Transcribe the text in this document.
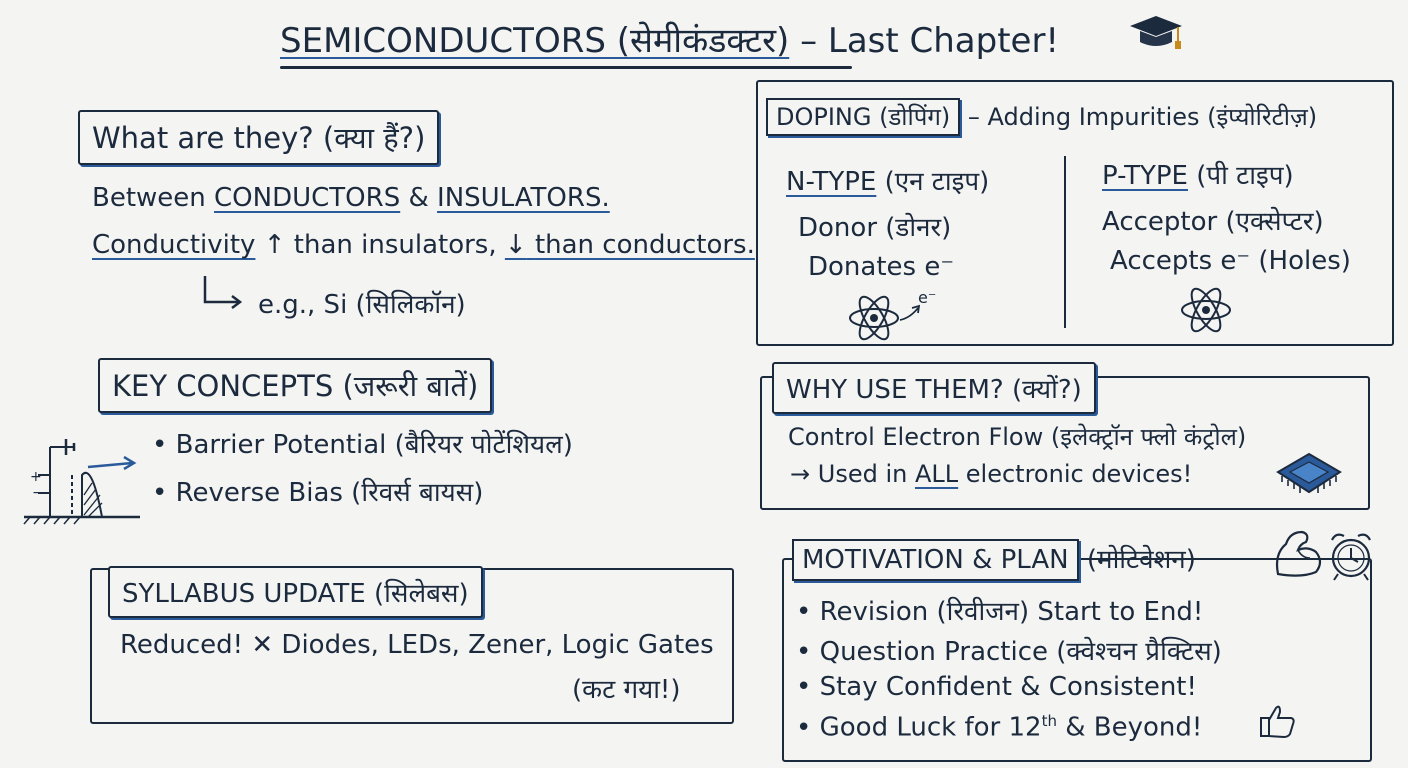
SEMICONDUCTORS (सेमीकंडक्टर) – Last Chapter!
What are they? (क्या हैं?)
Between CONDUCTORS & INSULATORS.
Conductivity ↑ than insulators, ↓ than conductors.
e.g., Si (सिलिकॉन)
KEY CONCEPTS (जरूरी बातें)
+
−
• Barrier Potential (बैरियर पोटेंशियल)
• Reverse Bias (रिवर्स बायस)
SYLLABUS UPDATE (सिलेबस)
Reduced! ✕ Diodes, LEDs, Zener, Logic Gates
(कट गया!)
DOPING (डोपिंग) – Adding Impurities (इंप्योरिटीज़)
N-TYPE (एन टाइप)
Donor (डोनर)
Donates e⁻
e⁻
P-TYPE (पी टाइप)
Acceptor (एक्सेप्टर)
Accepts e⁻ (Holes)
WHY USE THEM? (क्यों?)
Control Electron Flow (इलेक्ट्रॉन फ्लो कंट्रोल)
→ Used in ALL electronic devices!
MOTIVATION & PLAN (मोटिवेशन)
• Revision (रिवीजन) Start to End!
• Question Practice (क्वेश्चन प्रैक्टिस)
• Stay Confident & Consistent!
• Good Luck for 12th & Beyond!
